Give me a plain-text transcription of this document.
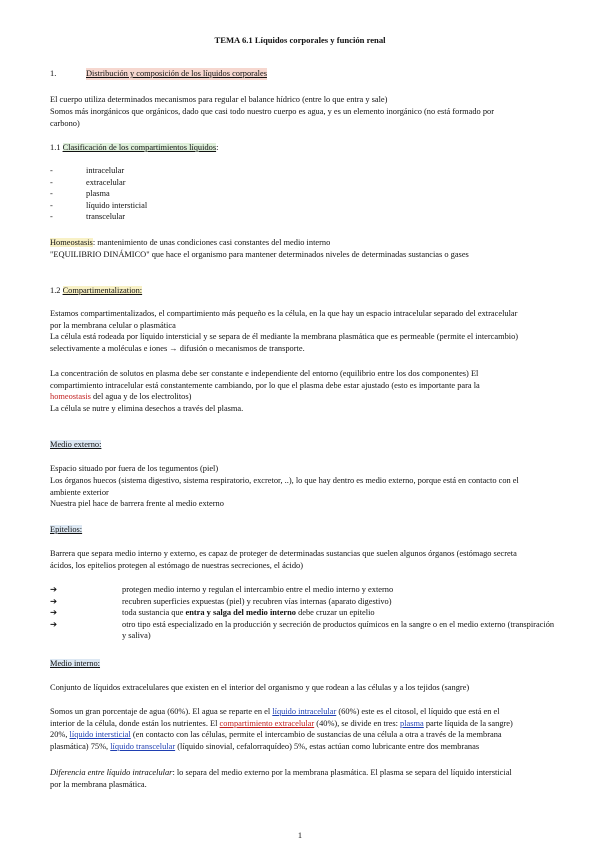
TEMA 6.1 Líquidos corporales y función renal
1.	Distribución y composición de los líquidos corporales
El cuerpo utiliza determinados mecanismos para regular el balance hídrico (entre lo que entra y sale)
Somos más inorgánicos que orgánicos, dado que casi todo nuestro cuerpo es agua, y es un elemento inorgánico (no está formado por carbono)
1.1 Clasificación de los compartimientos líquidos:
-	intracelular
-	extracelular
-	plasma
-	líquido intersticial
-	transcelular
Homeostasis: mantenimiento de unas condiciones casi constantes del medio interno
"EQUILIBRIO DINÁMICO" que hace el organismo para mantener determinados niveles de determinadas sustancias o gases
1.2 Compartimentalization:
Estamos compartimentalizados, el compartimiento más pequeño es la célula, en la que hay un espacio intracelular separado del extracelular por la membrana celular o plasmática
La célula está rodeada por líquido intersticial y se separa de él mediante la membrana plasmática que es permeable (permite el intercambio) selectivamente a moléculas e iones → difusión o mecanismos de transporte.
La concentración de solutos en plasma debe ser constante e independiente del entorno (equilibrio entre los dos componentes) El compartimiento intracelular está constantemente cambiando, por lo que el plasma debe estar ajustado (esto es importante para la homeostasis del agua y de los electrolitos)
La célula se nutre y elimina desechos a través del plasma.
Medio externo:
Espacio situado por fuera de los tegumentos (piel)
Los órganos huecos (sistema digestivo, sistema respiratorio, excretor, ..), lo que hay dentro es medio externo, porque está en contacto con el ambiente exterior
Nuestra piel hace de barrera frente al medio externo
Epitelios:
Barrera que separa medio interno y externo, es capaz de proteger de determinadas sustancias que suelen algunos órganos (estómago secreta ácidos, los epitelios protegen al estómago de nuestras secreciones, el ácido)
➔	protegen medio interno y regulan el intercambio entre el medio interno y externo
➔	recubren superficies expuestas (piel) y recubren vías internas (aparato digestivo)
➔	toda sustancia que entra y salga del medio interno debe cruzar un epitelio
➔	otro tipo está especializado en la producción y secreción de productos químicos en la sangre o en el medio externo (transpiración y saliva)
Medio interno:
Conjunto de líquidos extracelulares que existen en el interior del organismo y que rodean a las células y a los tejidos (sangre)
Somos un gran porcentaje de agua (60%). El agua se reparte en el líquido intracelular (60%) este es el citosol, el líquido que está en el interior de la célula, donde están los nutrientes. El compartimiento extracelular (40%), se divide en tres: plasma parte líquida de la sangre) 20%, líquido intersticial (en contacto con las células, permite el intercambio de sustancias de una célula a otra a través de la membrana plasmática) 75%, líquido transcelular (líquido sinovial, cefalorraquídeo) 5%, estas actúan como lubricante entre dos membranas
Diferencia entre líquido intracelular: lo separa del medio externo por la membrana plasmática. El plasma se separa del líquido intersticial por la membrana plasmática.
1
